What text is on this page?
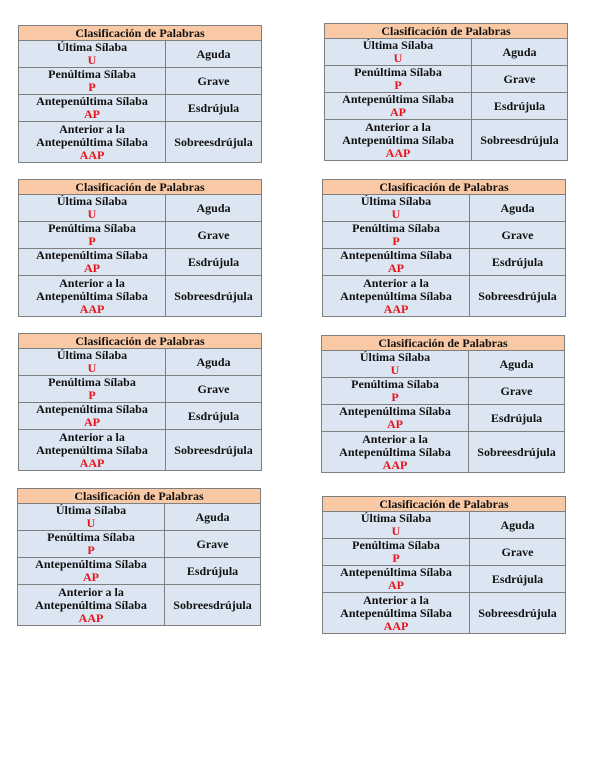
Clasificación de Palabras	
Última Sílaba
U	Aguda
Penúltima Sílaba
P	Grave
Antepenúltima Sílaba
AP	Esdrújula

Anterior a la
Antepenúltima Sílaba
AAP	Sobreesdrújula
Clasificación de Palabras	
Última Sílaba
U	Aguda
Penúltima Sílaba
P	Grave
Antepenúltima Sílaba
AP	Esdrújula

Anterior a la
Antepenúltima Sílaba
AAP	Sobreesdrújula
Clasificación de Palabras	
Última Sílaba
U	Aguda
Penúltima Sílaba
P	Grave
Antepenúltima Sílaba
AP	Esdrújula

Anterior a la
Antepenúltima Sílaba
AAP	Sobreesdrújula
Clasificación de Palabras	
Última Sílaba
U	Aguda
Penúltima Sílaba
P	Grave
Antepenúltima Sílaba
AP	Esdrújula

Anterior a la
Antepenúltima Sílaba
AAP	Sobreesdrújula
Clasificación de Palabras	
Última Sílaba
U	Aguda
Penúltima Sílaba
P	Grave
Antepenúltima Sílaba
AP	Esdrújula

Anterior a la
Antepenúltima Sílaba
AAP	Sobreesdrújula
Clasificación de Palabras	
Última Sílaba
U	Aguda
Penúltima Sílaba
P	Grave
Antepenúltima Sílaba
AP	Esdrújula

Anterior a la
Antepenúltima Sílaba
AAP	Sobreesdrújula
Clasificación de Palabras	
Última Sílaba
U	Aguda
Penúltima Sílaba
P	Grave
Antepenúltima Sílaba
AP	Esdrújula

Anterior a la
Antepenúltima Sílaba
AAP	Sobreesdrújula
Clasificación de Palabras	
Última Sílaba
U	Aguda
Penúltima Sílaba
P	Grave
Antepenúltima Sílaba
AP	Esdrújula

Anterior a la
Antepenúltima Sílaba
AAP	Sobreesdrújula
